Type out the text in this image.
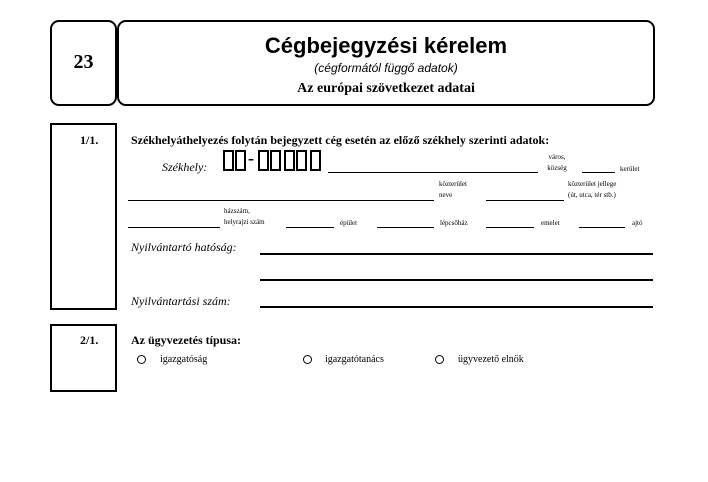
23
Cégbejegyzési kérelem
(cégformától függő adatok)
Az európai szövetkezet adatai
1/1.	Székhelyáthelyezés folytán bejegyzett cég esetén az előző székhely szerinti adatok:
Székhely: -	város,
község	kerület
közterület
neve
közterület jellege
(út, utca, tér stb.)
házszám,
helyrajzi szám	épület	lépcsőház	emelet	ajtó
Nyilvántartó hatóság:
Nyilvántartási szám:
2/1.	Az ügyvezetés típusa:
igazgatóság	igazgatótanács	ügyvezető elnök
